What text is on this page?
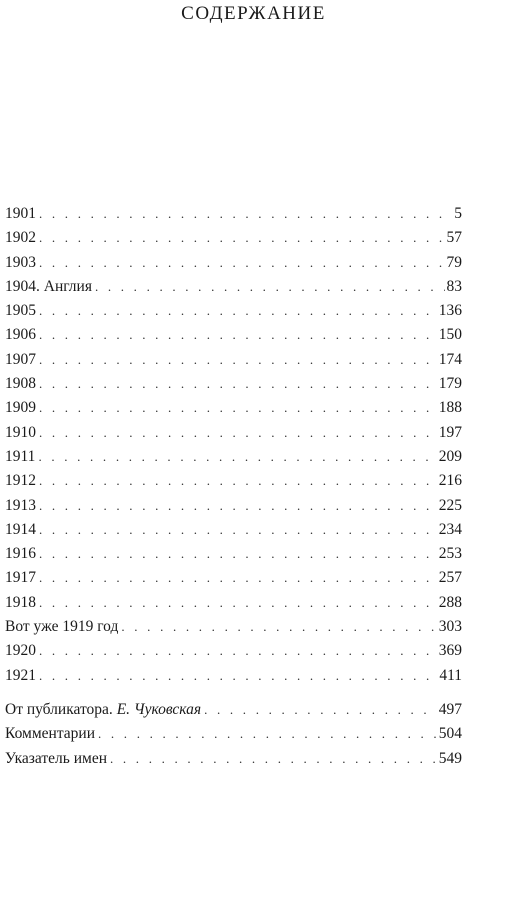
СОДЕРЖАНИЕ
1901 . . .	5
1902 . . .	57
1903 . . .	79
1904. Англия . . .	83
1905 . . .	136
1906 . . .	150
1907 . . .	174
1908 . . .	179
1909 . . .	188
1910 . . .	197
1911 . . .	209
1912 . . .	216
1913 . . .	225
1914 . . .	234
1916 . . .	253
1917 . . .	257
1918 . . .	288
Вот уже 1919 год . . .	303
1920 . . .	369
1921 . . .	411
От публикатора. Е. Чуковская . . .	497
Комментарии . . .	504
Указатель имен . . .	549
